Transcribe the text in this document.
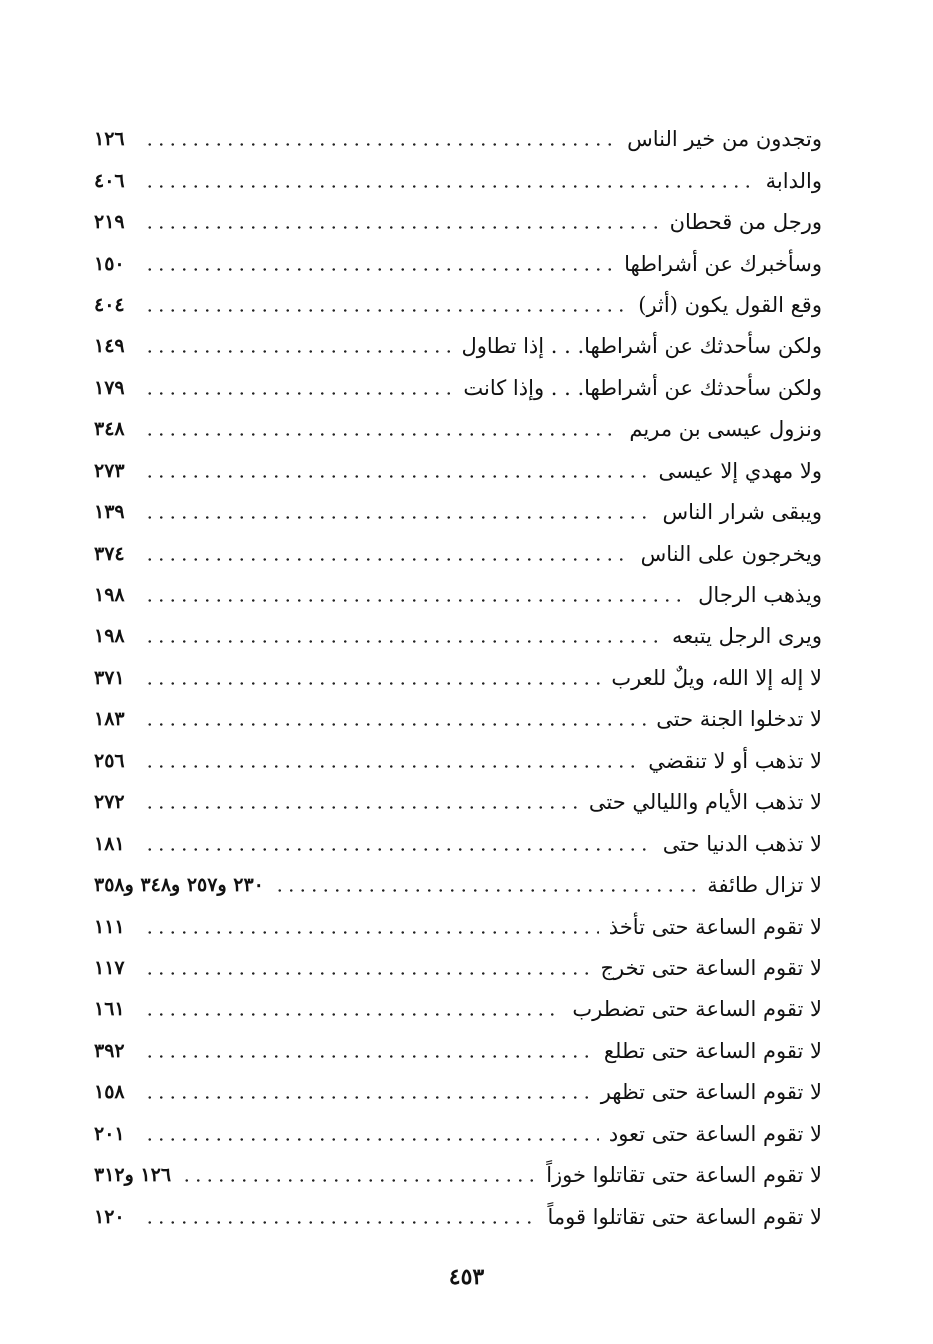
وتجدون من خير الناس
١٢٦
والدابة
٤٠٦
ورجل من قحطان
٢١٩
وسأخبرك عن أشراطها
١٥٠
وقع القول يكون (أثر)
٤٠٤
ولكن سأحدثك عن أشراطها. . . إذا تطاول
١٤٩
ولكن سأحدثك عن أشراطها. . . وإذا كانت
١٧٩
ونزول عيسى بن مريم
٣٤٨
ولا مهدي إلا عيسى
٢٧٣
ويبقى شرار الناس
١٣٩
ويخرجون على الناس
٣٧٤
ويذهب الرجال
١٩٨
ويرى الرجل يتبعه
١٩٨
لا إله إلا الله، ويلٌ للعرب
٣٧١
لا تدخلوا الجنة حتى
١٨٣
لا تذهب أو لا تنقضي
٢٥٦
لا تذهب الأيام والليالي حتى
٢٧٢
لا تذهب الدنيا حتى
١٨١
لا تزال طائفة
٢٣٠ و٢٥٧ و٣٤٨ و٣٥٨
لا تقوم الساعة حتى تأخذ
١١١
لا تقوم الساعة حتى تخرج
١١٧
لا تقوم الساعة حتى تضطرب
١٦١
لا تقوم الساعة حتى تطلع
٣٩٢
لا تقوم الساعة حتى تظهر
١٥٨
لا تقوم الساعة حتى تعود
٢٠١
لا تقوم الساعة حتى تقاتلوا خوزاً
١٢٦ و٣١٢
لا تقوم الساعة حتى تقاتلوا قوماً
١٢٠
٤٥٣
